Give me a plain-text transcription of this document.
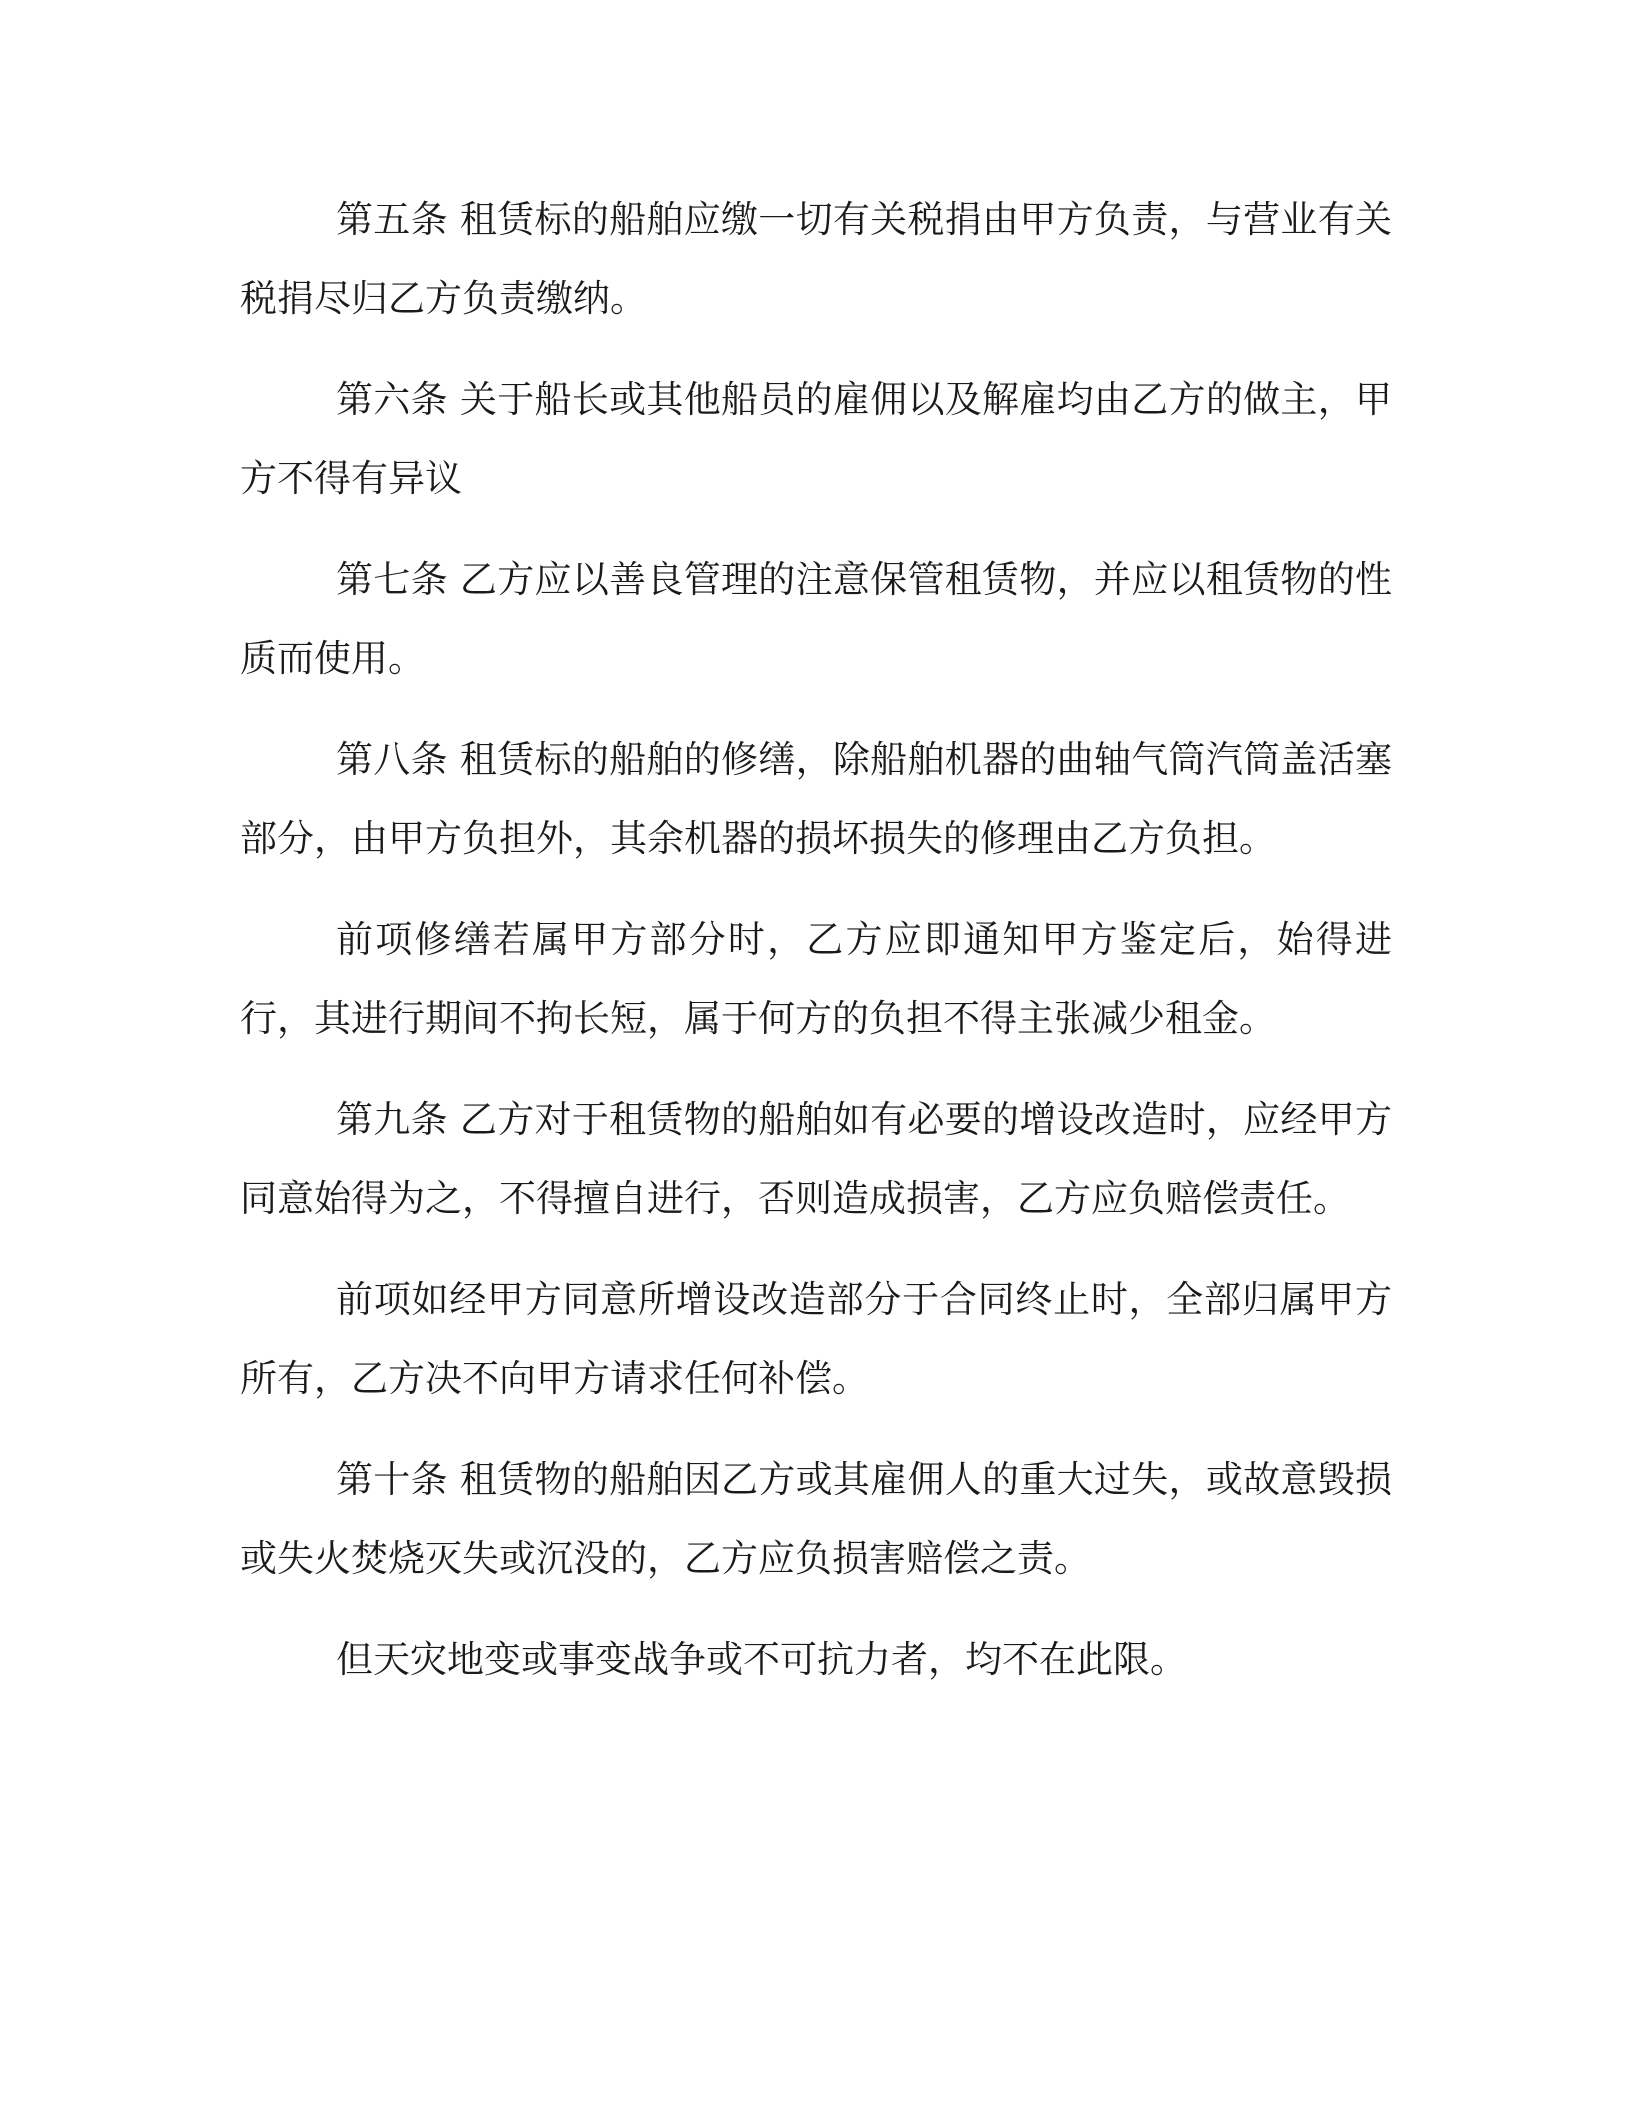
第五条 租赁标的船舶应缴一切有关税捐由甲方负责，与营业有关税捐尽归乙方负责缴纳。

第六条 关于船长或其他船员的雇佣以及解雇均由乙方的做主，甲方不得有异议

第七条 乙方应以善良管理的注意保管租赁物，并应以租赁物的性质而使用。

第八条 租赁标的船舶的修缮，除船舶机器的曲轴气筒汽筒盖活塞部分，由甲方负担外，其余机器的损坏损失的修理由乙方负担。

前项修缮若属甲方部分时，乙方应即通知甲方鉴定后，始得进行，其进行期间不拘长短，属于何方的负担不得主张减少租金。

第九条 乙方对于租赁物的船舶如有必要的增设改造时，应经甲方同意始得为之，不得擅自进行，否则造成损害，乙方应负赔偿责任。

前项如经甲方同意所增设改造部分于合同终止时，全部归属甲方所有，乙方决不向甲方请求任何补偿。

第十条 租赁物的船舶因乙方或其雇佣人的重大过失，或故意毁损或失火焚烧灭失或沉没的，乙方应负损害赔偿之责。

但天灾地变或事变战争或不可抗力者，均不在此限。
